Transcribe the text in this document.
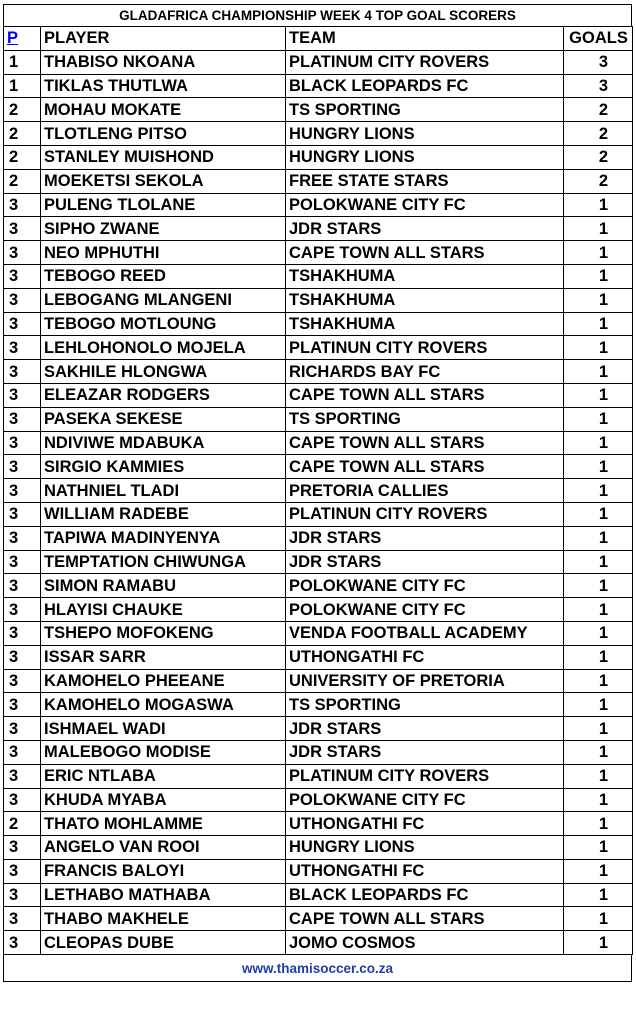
GLADAFRICA CHAMPIONSHIP WEEK 4 TOP GOAL SCORERS
P	PLAYER	TEAM	GOALS
1	THABISO NKOANA	PLATINUM CITY ROVERS	3
1	TIKLAS THUTLWA	BLACK LEOPARDS FC	3
2	MOHAU MOKATE	TS SPORTING	2
2	TLOTLENG PITSO	HUNGRY LIONS	2
2	STANLEY MUISHOND	HUNGRY LIONS	2
2	MOEKETSI SEKOLA	FREE STATE STARS	2
3	PULENG TLOLANE	POLOKWANE CITY FC	1
3	SIPHO ZWANE	JDR STARS	1
3	NEO MPHUTHI	CAPE TOWN ALL STARS	1
3	TEBOGO REED	TSHAKHUMA	1
3	LEBOGANG MLANGENI	TSHAKHUMA	1
3	TEBOGO MOTLOUNG	TSHAKHUMA	1
3	LEHLOHONOLO MOJELA	PLATINUN CITY ROVERS	1
3	SAKHILE HLONGWA	RICHARDS BAY FC	1
3	ELEAZAR RODGERS	CAPE TOWN ALL STARS	1
3	PASEKA SEKESE	TS SPORTING	1
3	NDIVIWE MDABUKA	CAPE TOWN ALL STARS	1
3	SIRGIO KAMMIES	CAPE TOWN ALL STARS	1
3	NATHNIEL TLADI	PRETORIA CALLIES	1
3	WILLIAM RADEBE	PLATINUN CITY ROVERS	1
3	TAPIWA MADINYENYA	JDR STARS	1
3	TEMPTATION CHIWUNGA	JDR STARS	1
3	SIMON RAMABU	POLOKWANE CITY FC	1
3	HLAYISI CHAUKE	POLOKWANE CITY FC	1
3	TSHEPO MOFOKENG	VENDA FOOTBALL ACADEMY	1
3	ISSAR SARR	UTHONGATHI FC	1
3	KAMOHELO PHEEANE	UNIVERSITY OF PRETORIA	1
3	KAMOHELO MOGASWA	TS SPORTING	1
3	ISHMAEL WADI	JDR STARS	1
3	MALEBOGO MODISE	JDR STARS	1
3	ERIC NTLABA	PLATINUM CITY ROVERS	1
3	KHUDA MYABA	POLOKWANE CITY FC	1
2	THATO MOHLAMME	UTHONGATHI FC	1
3	ANGELO VAN ROOI	HUNGRY LIONS	1
3	FRANCIS BALOYI	UTHONGATHI FC	1
3	LETHABO MATHABA	BLACK LEOPARDS FC	1
3	THABO MAKHELE	CAPE TOWN ALL STARS	1
3	CLEOPAS DUBE	JOMO COSMOS	1
www.thamisoccer.co.za
